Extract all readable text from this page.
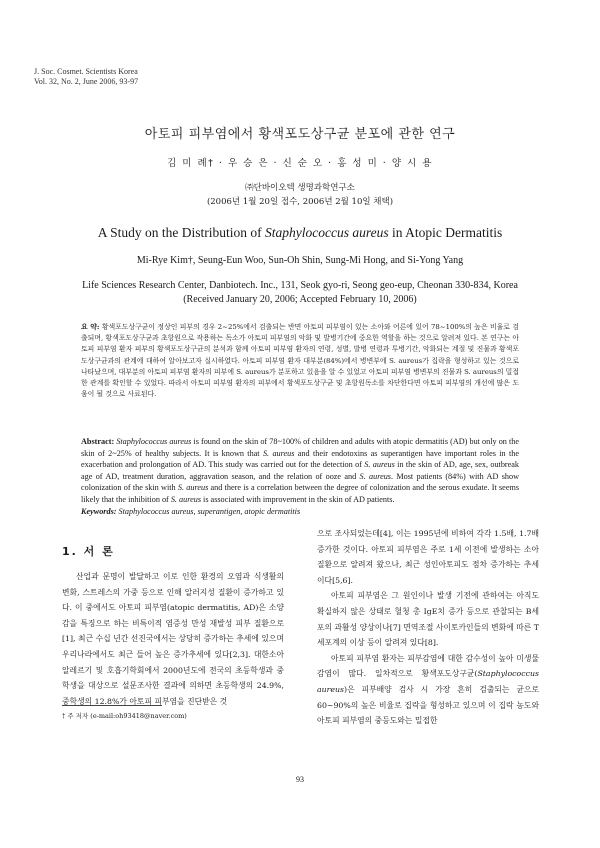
J. Soc. Cosmet. Scientists Korea
Vol. 32, No. 2, June 2006, 93-97
아토피 피부염에서 황색포도상구균 분포에 관한 연구
김 미 례† · 우 승 은 · 신 순 오 · 홍 성 미 · 양 시 용
㈜단바이오텍 생명과학연구소
(2006년 1월 20일 접수, 2006년 2월 10일 채택)
A Study on the Distribution of Staphylococcus aureus in Atopic Dermatitis
Mi-Rye Kim†, Seung-Eun Woo, Sun-Oh Shin, Sung-Mi Hong, and Si-Yong Yang
Life Sciences Research Center, Danbiotech. Inc., 131, Seok gyo-ri, Seong geo-eup, Cheonan 330-834, Korea
(Received January 20, 2006; Accepted February 10, 2006)
요 약: 황색포도상구균이 정상인 피부의 경우 2~25%에서 검출되는 반면 아토피 피부염이 있는 소아와 어른에 있어 78~100%의 높은 비율로 검출되며, 황색포도상구균과 초항원으로 작용하는 독소가 아토피 피부염의 악화 및 발병기간에 중요한 역할을 하는 것으로 알려져 있다. 본 연구는 아토피 피부염 환자 피부의 황색포도상구균의 분석과 함께 아토피 피부염 환자의 연령, 성별, 발병 연령과 투병기간, 악화되는 계절 및 진물과 황색포도상구균과의 관계에 대하여 알아보고자 실시하였다. 아토피 피부염 환자 대부분(84%)에서 병변부에 S. aureus가 집락을 형성하고 있는 것으로 나타났으며, 대부분의 아토피 피부염 환자의 피부에 S. aureus가 분포하고 있음을 알 수 있었고 아토피 피부염 병변부의 진물과 S. aureus의 밀접한 관계를 확인할 수 있었다. 따라서 아토피 피부염 환자의 피부에서 황색포도상구균 및 초항원독소를 차단한다면 아토피 피부염의 개선에 많은 도움이 될 것으로 사료된다.
Abstract: Staphylococcus aureus is found on the skin of 78~100% of children and adults with atopic dermatitis (AD) but only on the skin of 2~25% of healthy subjects. It is known that S. aureus and their endotoxins as superantigen have important roles in the exacerbation and prolongation of AD. This study was carried out for the detection of S. aureus in the skin of AD, age, sex, outbreak age of AD, treatment duration, aggravation season, and the relation of ooze and S. aureus. Most patients (84%) with AD show colonization of the skin with S. aureus and there is a correlation between the degree of colonization and the serous exudate. It seems likely that the inhibition of S. aureus is associated with improvement in the skin of AD patients.
Keywords: Staphylococcus aureus, superantigen, atopic dermatitis
1. 서 론
산업과 문명이 발달하고 이로 인한 환경의 오염과 식생활의 변화, 스트레스의 가중 등으로 인해 알러지성 질환이 증가하고 있다. 이 중에서도 아토피 피부염(atopic dermatitis, AD)은 소양감을 특징으로 하는 비특이적 염증성 만성 재발성 피부 질환으로[1], 최근 수십 년간 선진국에서는 상당히 증가하는 추세에 있으며 우리나라에서도 최근 들어 높은 증가추세에 있다[2,3]. 대한소아알레르기 및 호흡기학회에서 2000년도에 전국의 초등학생과 중학생을 대상으로 설문조사한 결과에 의하면 초등학생의 24.9%, 중학생의 12.8%가 아토피 피부염을 진단받은 것

으로 조사되었는데[4], 이는 1995년에 비하여 각각 1.5배, 1.7배 증가한 것이다. 아토피 피부염은 주로 1세 이전에 발생하는 소아질환으로 알려져 왔으나, 최근 성인아토피도 점차 증가하는 추세이다[5,6].

아토피 피부염은 그 원인이나 발생 기전에 관하여는 아직도 확실하지 않은 상태로 혈청 총 IgE치 증가 등으로 관찰되는 B세포의 과활성 양상이나[7] 면역조절 사이토카인들의 변화에 따른 T세포계의 이상 등이 알려져 있다[8].

아토피 피부염 환자는 피부감염에 대한 감수성이 높아 미생물 감염이 많다. 일차적으로 황색포도상구균(Staphylococcus aureus)은 피부배양 검사 시 가장 흔히 검출되는 균으로 60~90%의 높은 비율로 집락을 형성하고 있으며 이 집락 농도와 아토피 피부염의 중등도와는 밀접한

† 주 저자 (e-mail:oh93418@naver.com)
93
